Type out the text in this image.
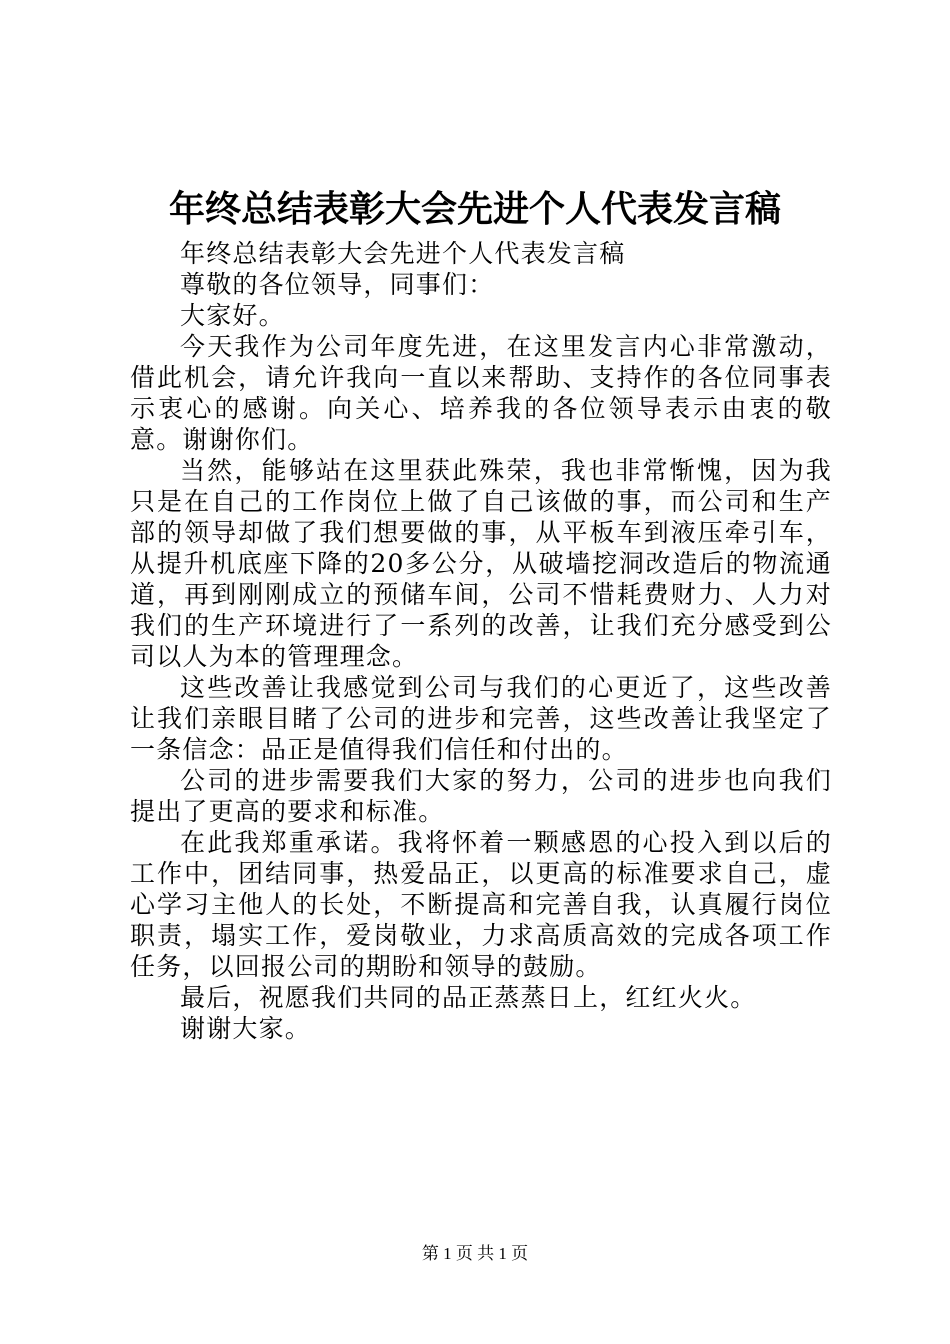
年终总结表彰大会先进个人代表发言稿

年终总结表彰大会先进个人代表发言稿

尊敬的各位领导，同事们：

大家好。

今天我作为公司年度先进，在这里发言内心非常激动，借此机会，请允许我向一直以来帮助、支持作的各位同事表示衷心的感谢。向关心、培养我的各位领导表示由衷的敬意。谢谢你们。

当然，能够站在这里获此殊荣，我也非常惭愧，因为我只是在自己的工作岗位上做了自己该做的事，而公司和生产部的领导却做了我们想要做的事，从平板车到液压牵引车，从提升机底座下降的20多公分，从破墙挖洞改造后的物流通道，再到刚刚成立的预储车间，公司不惜耗费财力、人力对我们的生产环境进行了一系列的改善，让我们充分感受到公司以人为本的管理理念。

这些改善让我感觉到公司与我们的心更近了，这些改善让我们亲眼目睹了公司的进步和完善，这些改善让我坚定了一条信念：品正是值得我们信任和付出的。

公司的进步需要我们大家的努力，公司的进步也向我们提出了更高的要求和标准。

在此我郑重承诺。我将怀着一颗感恩的心投入到以后的工作中，团结同事，热爱品正，以更高的标准要求自己，虚心学习主他人的长处，不断提高和完善自我，认真履行岗位职责，塌实工作，爱岗敬业，力求高质高效的完成各项工作任务，以回报公司的期盼和领导的鼓励。

最后，祝愿我们共同的品正蒸蒸日上，红红火火。

谢谢大家。

第 1 页 共 1 页
